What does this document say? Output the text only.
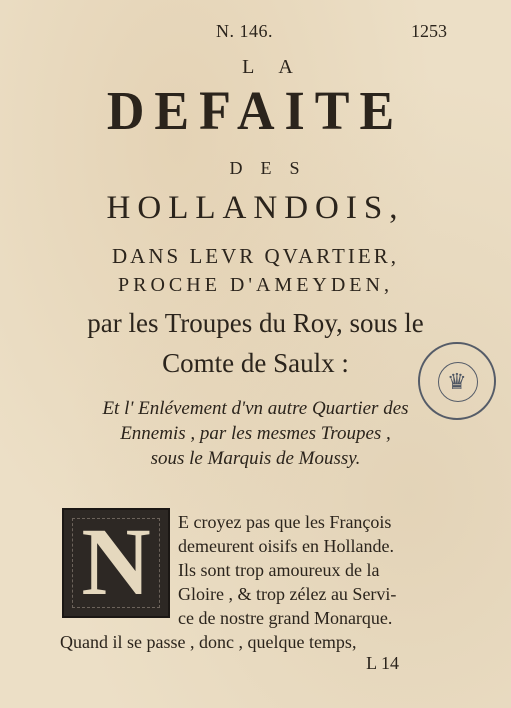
N. 146.	1253
LA
DEFAITE
DES
HOLLANDOIS,
DANS LEVR QVARTIER,
PROCHE D'AMEYDEN,
par les Troupes du Roy, sous le
Comte de Saulx :
Et l' Enlévement d'vn autre Quartier des
Ennemis , par les mesmes Troupes ,
sous le Marquis de Moussy.
♛
N	E croyez pas que les François
demeurent oisifs en Hollande.
Ils sont trop amoureux de la
Gloire , & trop zélez au Servi-
ce de nostre grand Monarque.
Quand il se passe , donc , quelque temps,
L 14
